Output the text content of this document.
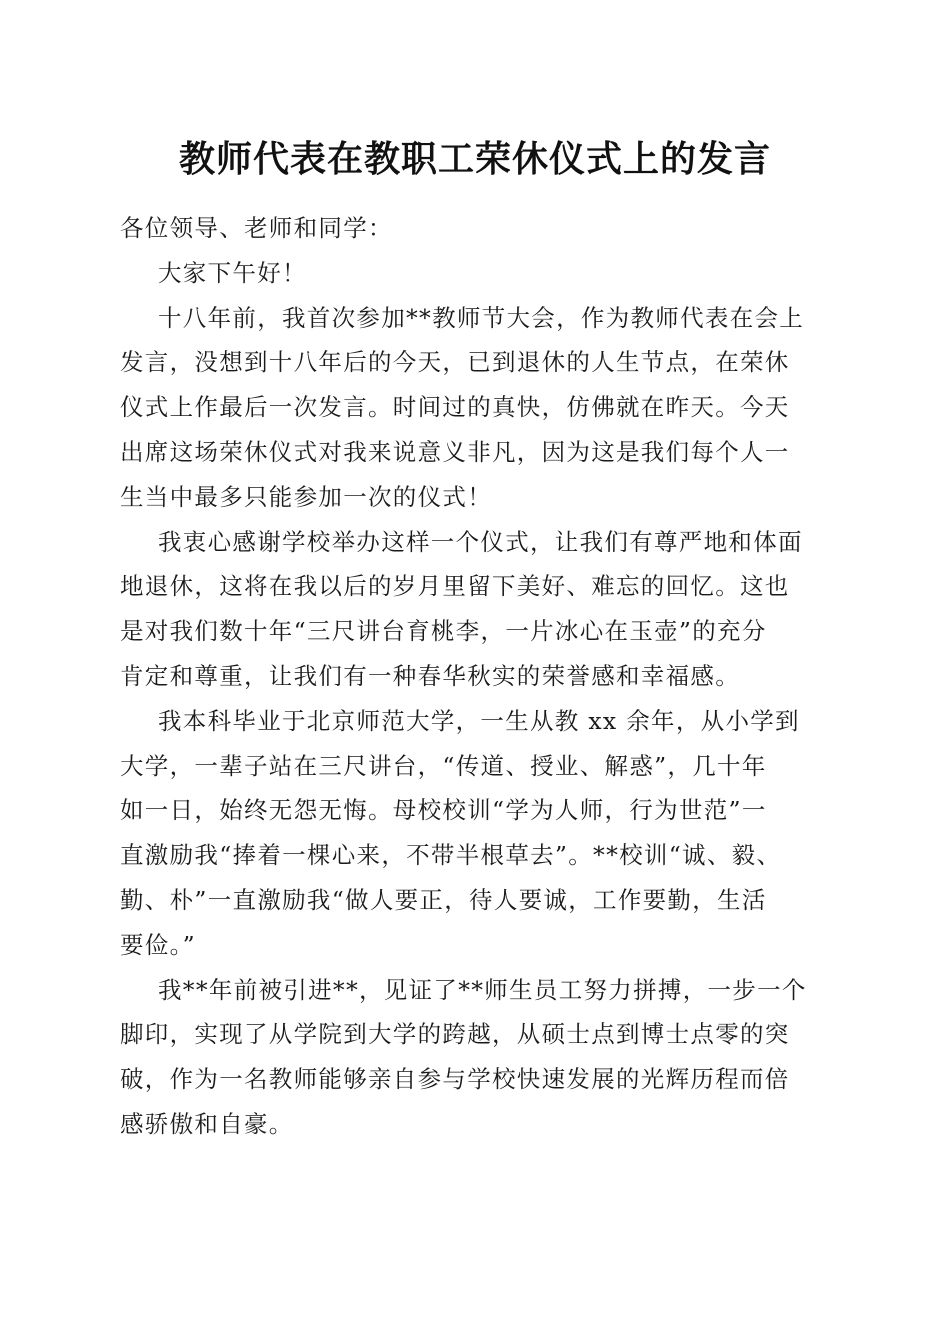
教师代表在教职工荣休仪式上的发言
各位领导、老师和同学：
大家下午好！
十八年前，我首次参加**教师节大会，作为教师代表在会上
发言，没想到十八年后的今天，已到退休的人生节点，在荣休
仪式上作最后一次发言。时间过的真快，仿佛就在昨天。今天
出席这场荣休仪式对我来说意义非凡，因为这是我们每个人一
生当中最多只能参加一次的仪式！
我衷心感谢学校举办这样一个仪式，让我们有尊严地和体面
地退休，这将在我以后的岁月里留下美好、难忘的回忆。这也
是对我们数十年“三尺讲台育桃李，一片冰心在玉壶”的充分
肯定和尊重，让我们有一种春华秋实的荣誉感和幸福感。
我本科毕业于北京师范大学，一生从教 xx 余年，从小学到
大学，一辈子站在三尺讲台，“传道、授业、解惑”，几十年
如一日，始终无怨无悔。母校校训“学为人师，行为世范”一
直激励我“捧着一棵心来，不带半根草去”。**校训“诚、毅、
勤、朴”一直激励我“做人要正，待人要诚，工作要勤，生活
要俭。”
我**年前被引进**，见证了**师生员工努力拼搏，一步一个
脚印，实现了从学院到大学的跨越，从硕士点到博士点零的突
破，作为一名教师能够亲自参与学校快速发展的光辉历程而倍
感骄傲和自豪。
